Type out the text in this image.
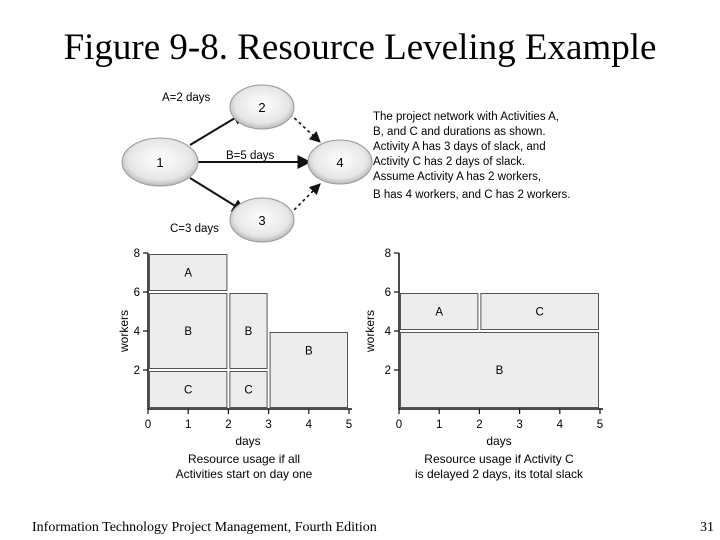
Figure 9-8. Resource Leveling Example
1
2
3
4
A=2 days
B=5 days
C=3 days
The project network with Activities A,
B, and C and durations as shown.
Activity A has 3 days of slack, and
Activity C has 2 days of slack.
Assume Activity A has 2 workers,
B has 4 workers, and C has 2 workers.
A
B
C
B
C
B
2
4
6
8
0	1	2	3	4	5
workers
days
Resource usage if all
Activities start on day one
A	C
B
2
4
6
8
0	1	2	3	4	5
workers
days
Resource usage if Activity C
is delayed 2 days, its total slack
Information Technology Project Management, Fourth Edition	31
